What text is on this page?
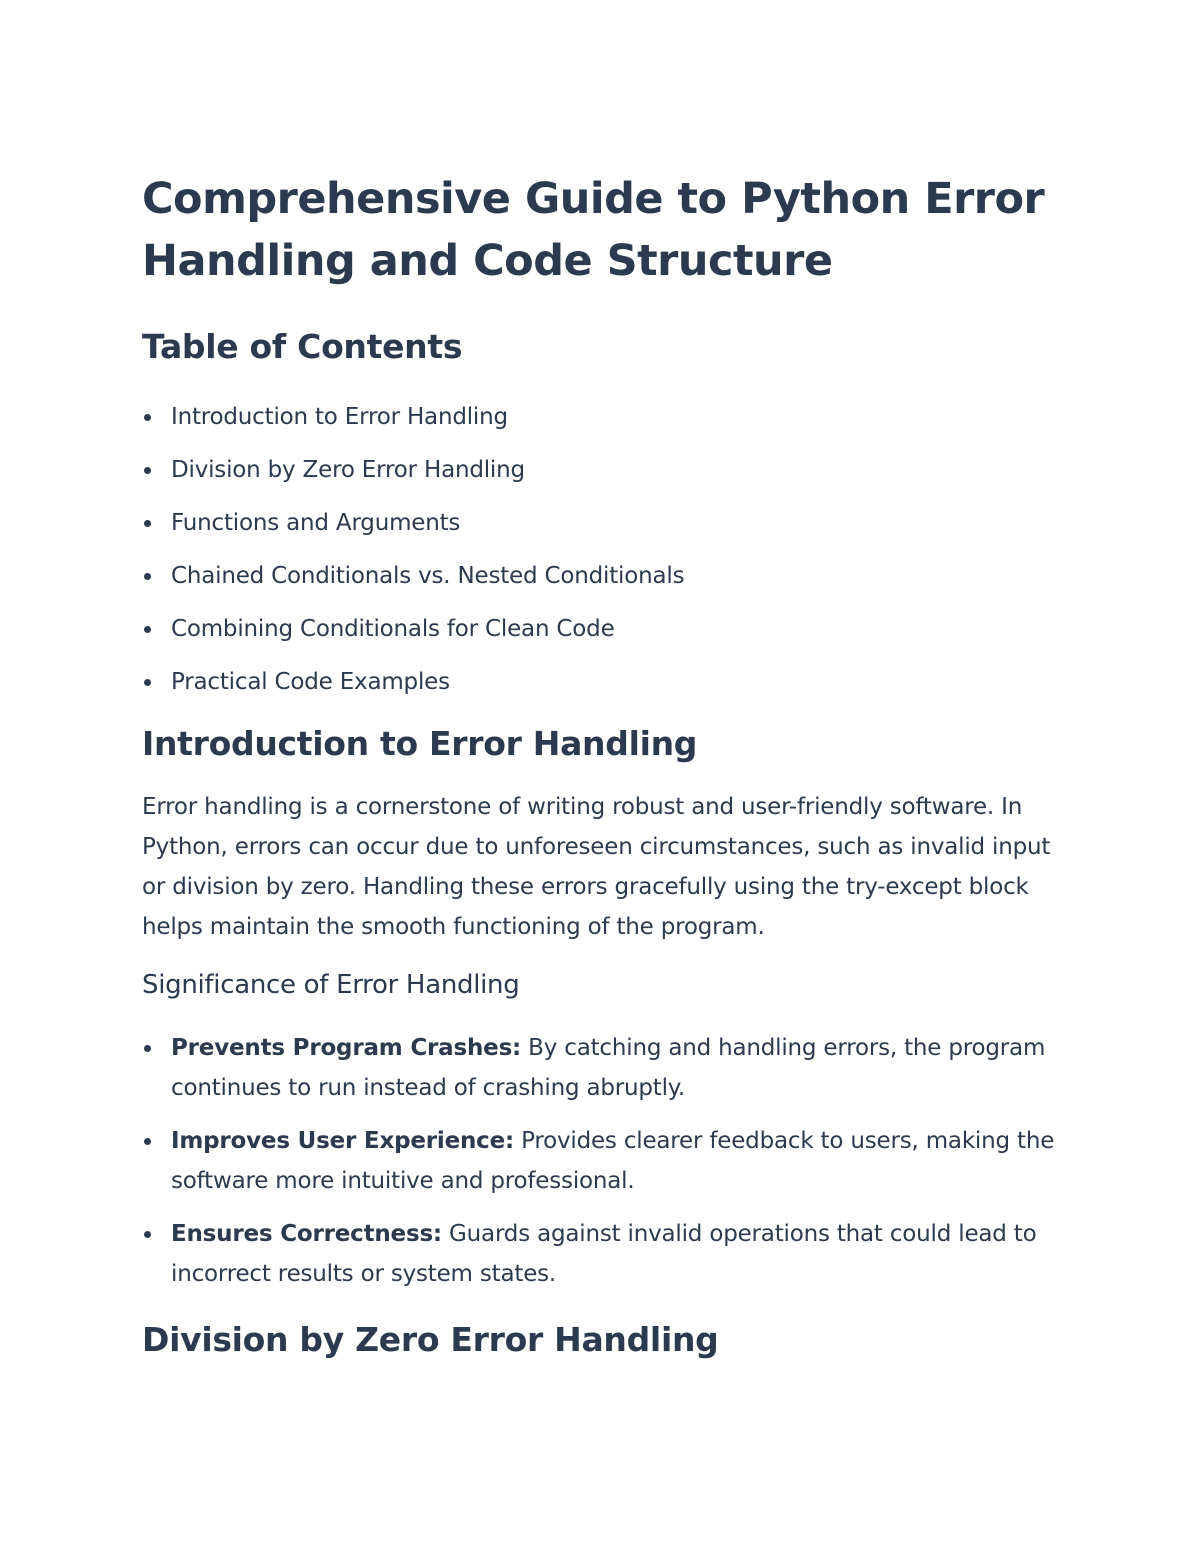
Comprehensive Guide to Python Error Handling and Code Structure
Table of Contents
Introduction to Error Handling
Division by Zero Error Handling
Functions and Arguments
Chained Conditionals vs. Nested Conditionals
Combining Conditionals for Clean Code
Practical Code Examples
Introduction to Error Handling

Error handling is a cornerstone of writing robust and user-friendly software. In Python, errors can occur due to unforeseen circumstances, such as invalid input or division by zero. Handling these errors gracefully using the try-except block helps maintain the smooth functioning of the program.

Significance of Error Handling
Prevents Program Crashes: By catching and handling errors, the program continues to run instead of crashing abruptly.
Improves User Experience: Provides clearer feedback to users, making the software more intuitive and professional.
Ensures Correctness: Guards against invalid operations that could lead to incorrect results or system states.
Division by Zero Error Handling
